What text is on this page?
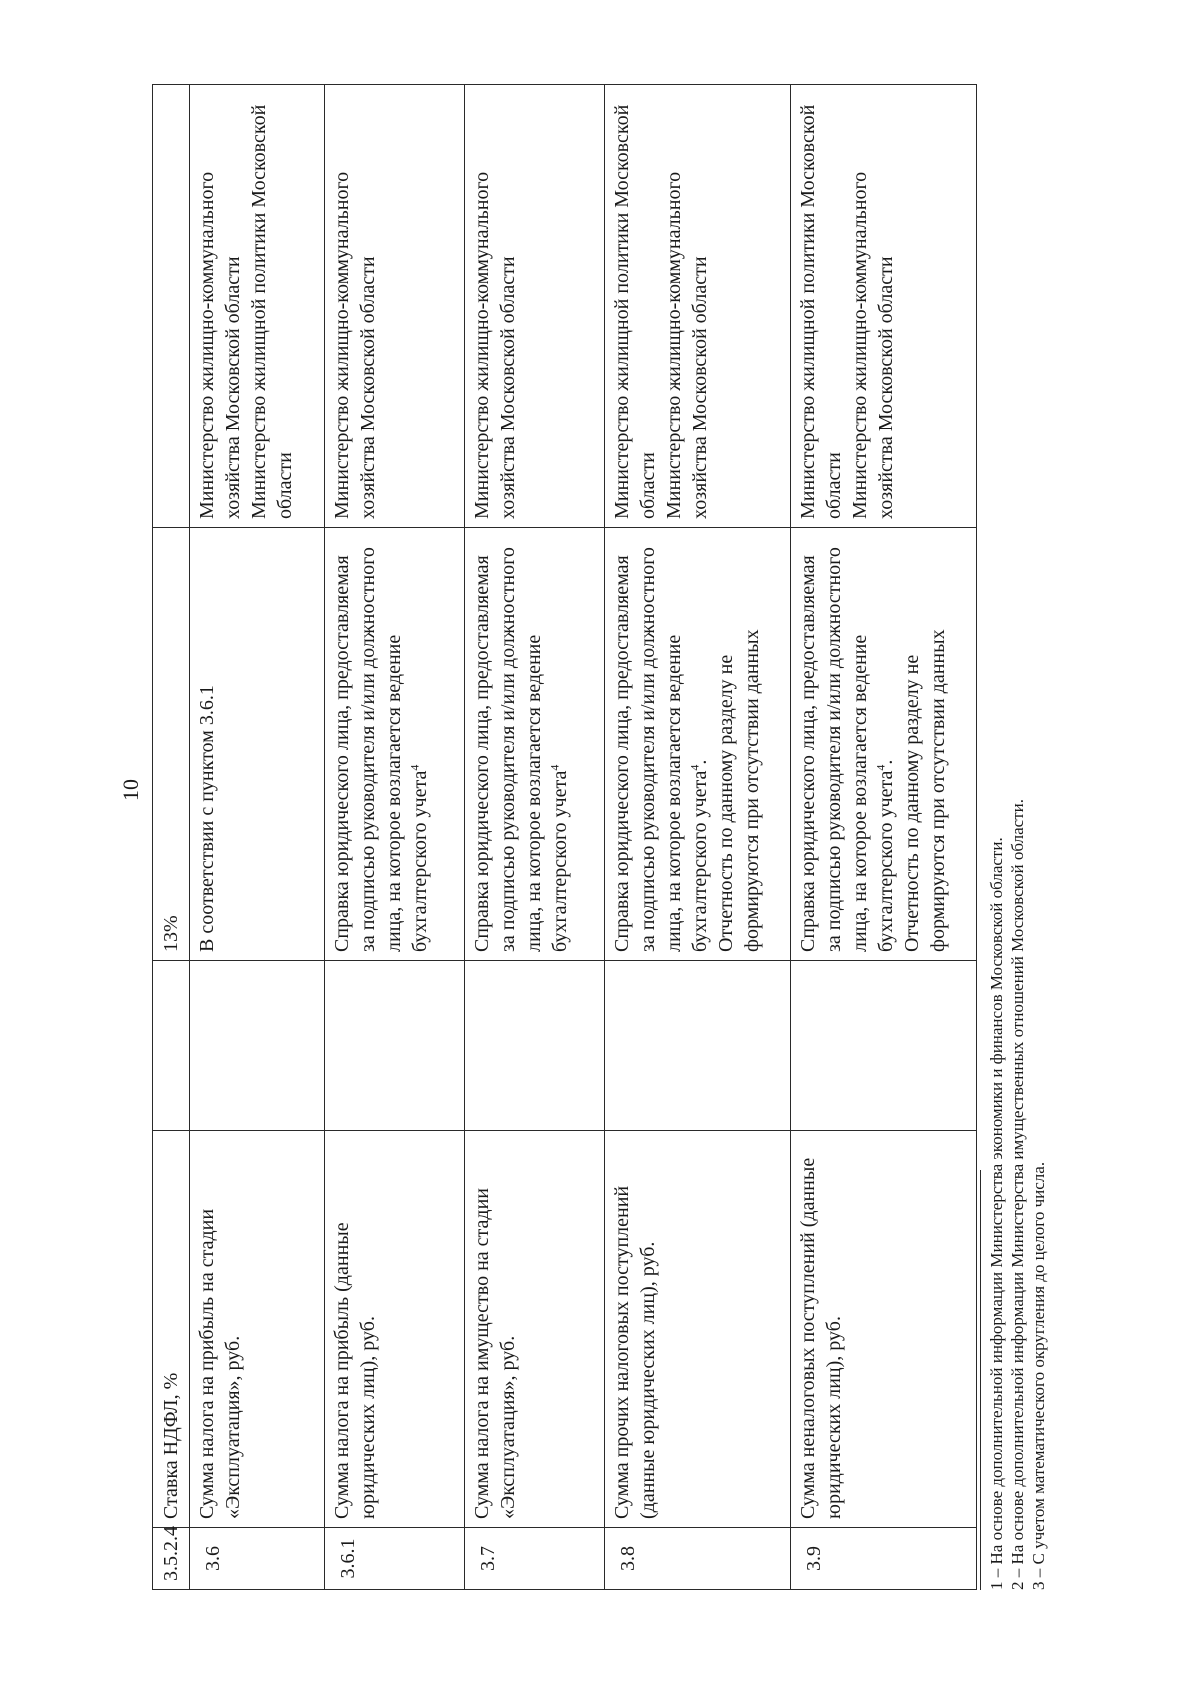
10
3.5.2.4	Ставка НДФЛ, %		13%	
3.6	Сумма налога на прибыль на стадии «Эксплуатация», руб.		В соответствии с пунктом 3.6.1	Министерство жилищно-коммунального хозяйства Московской области Министерство жилищной политики Московской области

3.6.1	Сумма налога на прибыль (данные юридических лиц), руб.		Справка юридического лица, предоставляемая за подписью руководителя и/или должностного лица, на которое возлагается ведение бухгалтерского учета$^4$	Министерство жилищно-коммунального хозяйства Московской области

3.7	Сумма налога на имущество на стадии «Эксплуатация», руб.		Справка юридического лица, предоставляемая за подписью руководителя и/или должностного лица, на которое возлагается ведение бухгалтерского учета$^4$	Министерство жилищно-коммунального хозяйства Московской области

3.8	Сумма прочих налоговых поступлений (данные юридических лиц), руб.		Справка юридического лица, предоставляемая за подписью руководителя и/или должностного лица, на которое возлагается ведение бухгалтерского учета$^4$. Отчетность по данному разделу не формируются при отсутствии данных	Министерство жилищной политики Московской области Министерство жилищно-коммунального хозяйства Московской области

3.9	Сумма неналоговых поступлений (данные юридических лиц), руб.		Справка юридического лица, предоставляемая за подписью руководителя и/или должностного лица, на которое возлагается ведение бухгалтерского учета$^4$. Отчетность по данному разделу не формируются при отсутствии данных	Министерство жилищной политики Московской области Министерство жилищно-коммунального хозяйства Московской области
1 – На основе дополнительной информации Министерства экономики и финансов Московской области. 2 – На основе дополнительной информации Министерства имущественных отношений Московской области. 3 – С учетом математического округления до целого числа.
